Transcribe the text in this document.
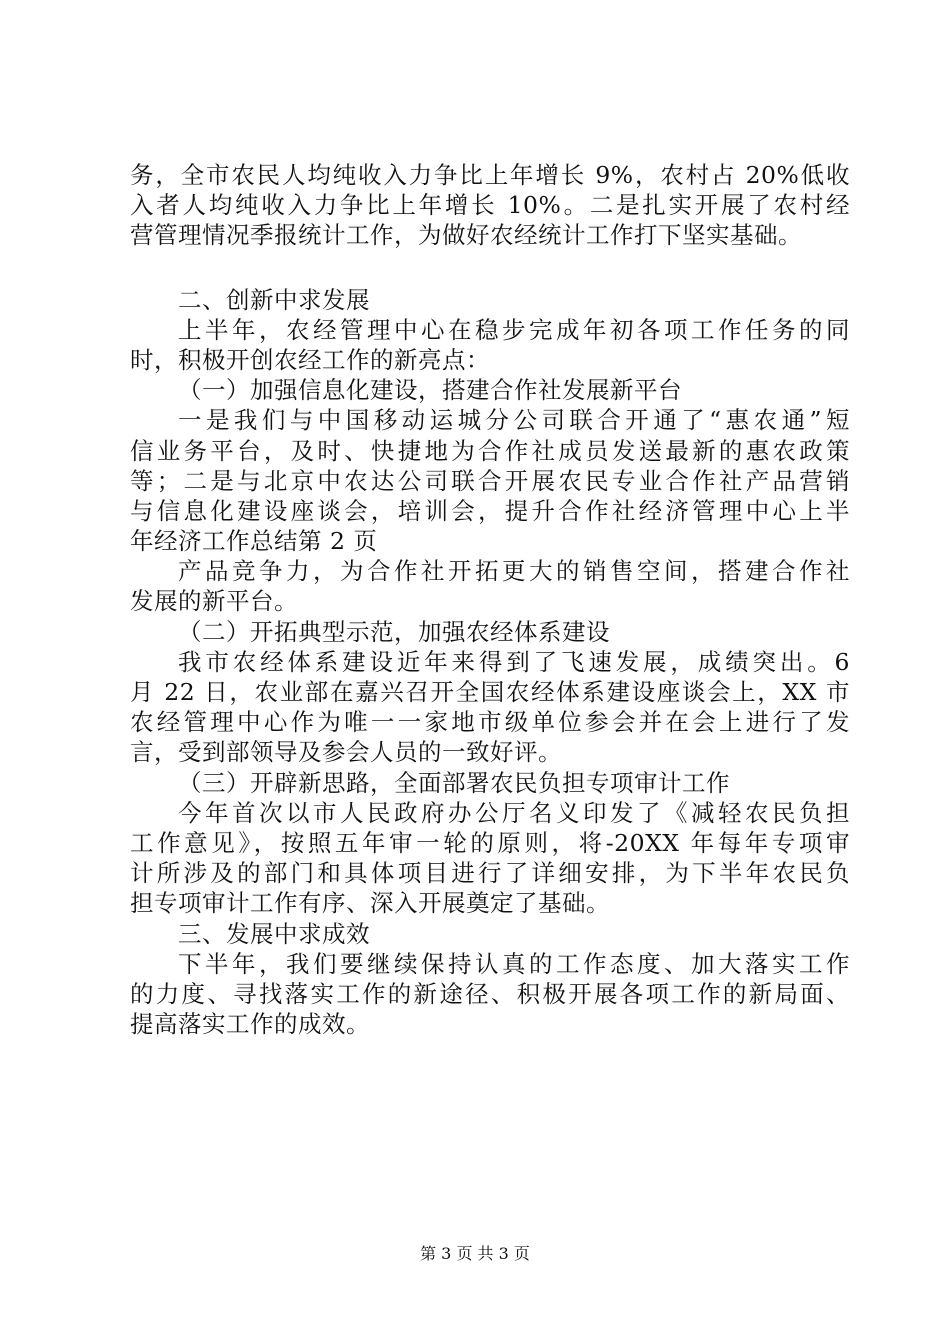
务，全市农民人均纯收入力争比上年增长 9%，农村占 20%低收
入者人均纯收入力争比上年增长 10%。二是扎实开展了农村经
营管理情况季报统计工作，为做好农经统计工作打下坚实基础。
二、创新中求发展
上半年，农经管理中心在稳步完成年初各项工作任务的同
时，积极开创农经工作的新亮点：
（一）加强信息化建设，搭建合作社发展新平台
一是我们与中国移动运城分公司联合开通了“惠农通”短
信业务平台，及时、快捷地为合作社成员发送最新的惠农政策
等；二是与北京中农达公司联合开展农民专业合作社产品营销
与信息化建设座谈会，培训会，提升合作社经济管理中心上半
年经济工作总结第 2 页
产品竞争力，为合作社开拓更大的销售空间，搭建合作社
发展的新平台。
（二）开拓典型示范，加强农经体系建设
我市农经体系建设近年来得到了飞速发展，成绩突出。6
月 22 日，农业部在嘉兴召开全国农经体系建设座谈会上，XX 市
农经管理中心作为唯一一家地市级单位参会并在会上进行了发
言，受到部领导及参会人员的一致好评。
（三）开辟新思路，全面部署农民负担专项审计工作
今年首次以市人民政府办公厅名义印发了《减轻农民负担
工作意见》，按照五年审一轮的原则，将-20XX 年每年专项审
计所涉及的部门和具体项目进行了详细安排，为下半年农民负
担专项审计工作有序、深入开展奠定了基础。
三、发展中求成效
下半年，我们要继续保持认真的工作态度、加大落实工作
的力度、寻找落实工作的新途径、积极开展各项工作的新局面、
提高落实工作的成效。
第 3 页 共 3 页
